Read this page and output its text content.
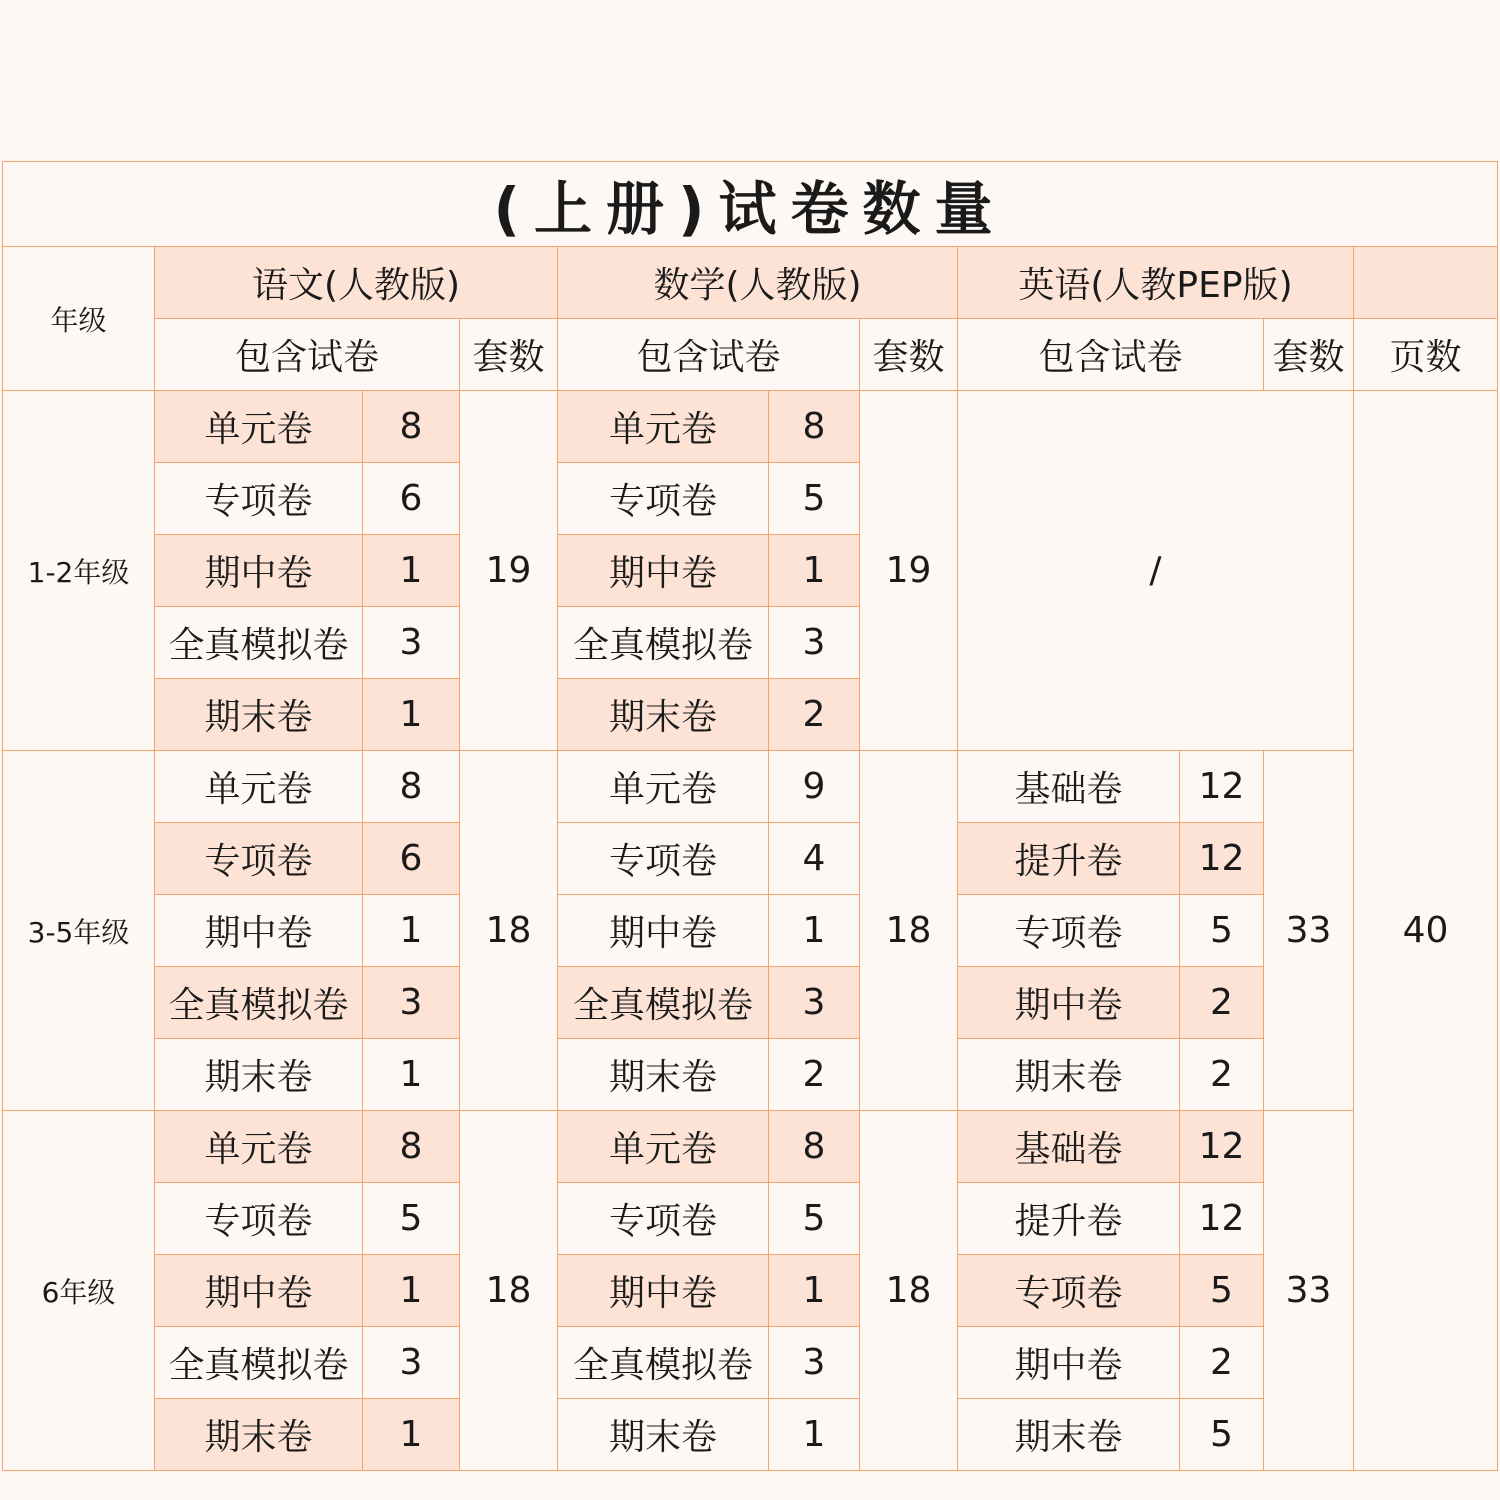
(上册)试卷数量										
年级	语文(人教版)			数学(人教版)			英语(人教PEP版)			
	包含试卷		套数	包含试卷		套数	包含试卷		套数	页数
1-2年级	单元卷	8	19	单元卷	8	19	/			40
	专项卷	6		专项卷	5					
	期中卷	1		期中卷	1					
	全真模拟卷	3		全真模拟卷	3					
	期末卷	1		期末卷	2					
3-5年级	单元卷	8	18	单元卷	9	18	基础卷	12	33	
	专项卷	6		专项卷	4		提升卷	12		
	期中卷	1		期中卷	1		专项卷	5		
	全真模拟卷	3		全真模拟卷	3		期中卷	2		
	期末卷	1		期末卷	2		期末卷	2		
6年级	单元卷	8	18	单元卷	8	18	基础卷	12	33	
	专项卷	5		专项卷	5		提升卷	12		
	期中卷	1		期中卷	1		专项卷	5		
	全真模拟卷	3		全真模拟卷	3		期中卷	2		
	期末卷	1		期末卷	1		期末卷	5		
